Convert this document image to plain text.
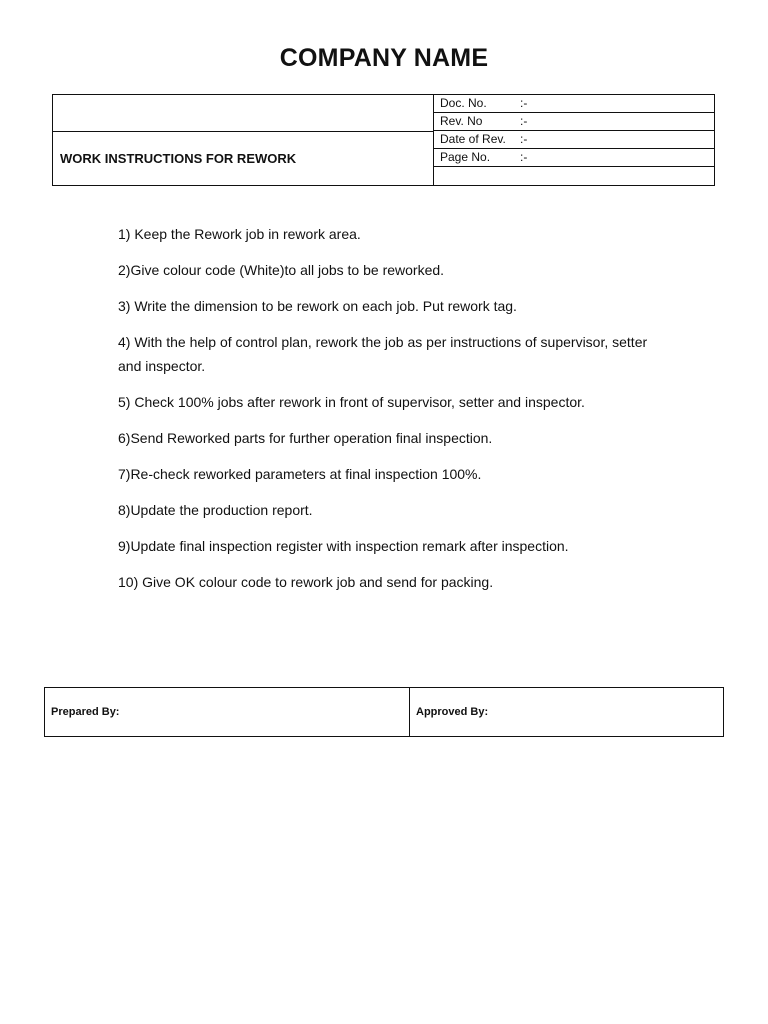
COMPANY NAME
WORK INSTRUCTIONS FOR REWORK
Doc. No.	:-
Rev. No	:-
Date of Rev. :-
Page No. :-

1) Keep the Rework job in rework area.

2)Give colour code (White)to all jobs to be reworked.

3) Write the dimension to be rework on each job. Put rework tag.

4) With the help of control plan, rework the job as per instructions of supervisor, setter and inspector.

5) Check 100% jobs after rework in front of supervisor, setter and inspector.

6)Send Reworked parts for further operation final inspection.

7)Re-check reworked parameters at final inspection 100%.

8)Update the production report.

9)Update final inspection register with inspection remark after inspection.

10) Give OK colour code to rework job and send for packing.

Prepared By:	Approved By:
